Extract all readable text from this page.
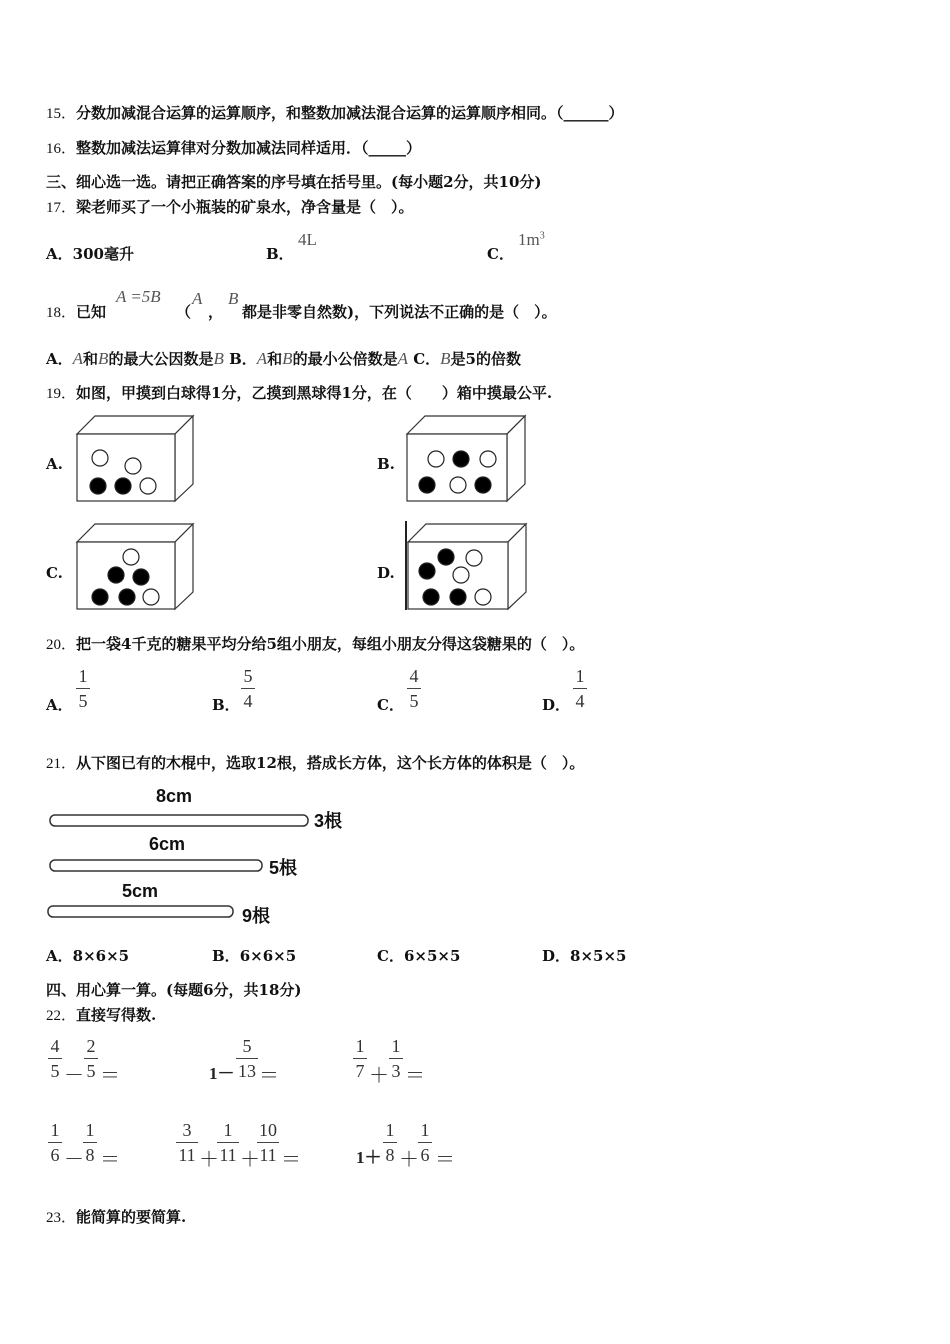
15．分数加减混合运算的运算顺序，和整数加减法混合运算的运算顺序相同。（______）
16．整数加减法运算律对分数加减法同样适用．（_____）
三、细心选一选。请把正确答案的序号填在括号里。(每小题2分，共10分)
17．梁老师买了一个小瓶装的矿泉水，净含量是（　）。
A．300毫升	B．
4L
C．
$1m^3$
18．已知
A =5B
（
A
，
B
都是非零自然数)，下列说法不正确的是（　）。
A．A和B的最大公因数是B B．A和B的最小公倍数是A C．B是5的倍数
19．如图，甲摸到白球得1分，乙摸到黑球得1分，在（　　）箱中摸最公平.
A.	B.
C.	D.
20．把一袋4千克的糖果平均分给5组小朋友，每组小朋友分得这袋糖果的（　）。
A．
1
5	B．
5
4	C．
4
5	D．
1
4
21．从下图已有的木棍中，选取12根，搭成长方体，这个长方体的体积是（　）。
8cm
3根
6cm
5根
5cm
9根
A．8×6×5	B．6×6×5	C．6×5×5	D．8×5×5
四、用心算一算。(每题6分，共18分)
22．直接写得数.
4
5 －
2
5 ＝	1－
5
13 ＝
1
7 ＋
1
3 ＝
1
6 －
1
8 ＝
3
11 ＋
1
11 ＋
10
11 ＝	1＋
1
8 ＋
1
6 ＝
23．能简算的要简算.
